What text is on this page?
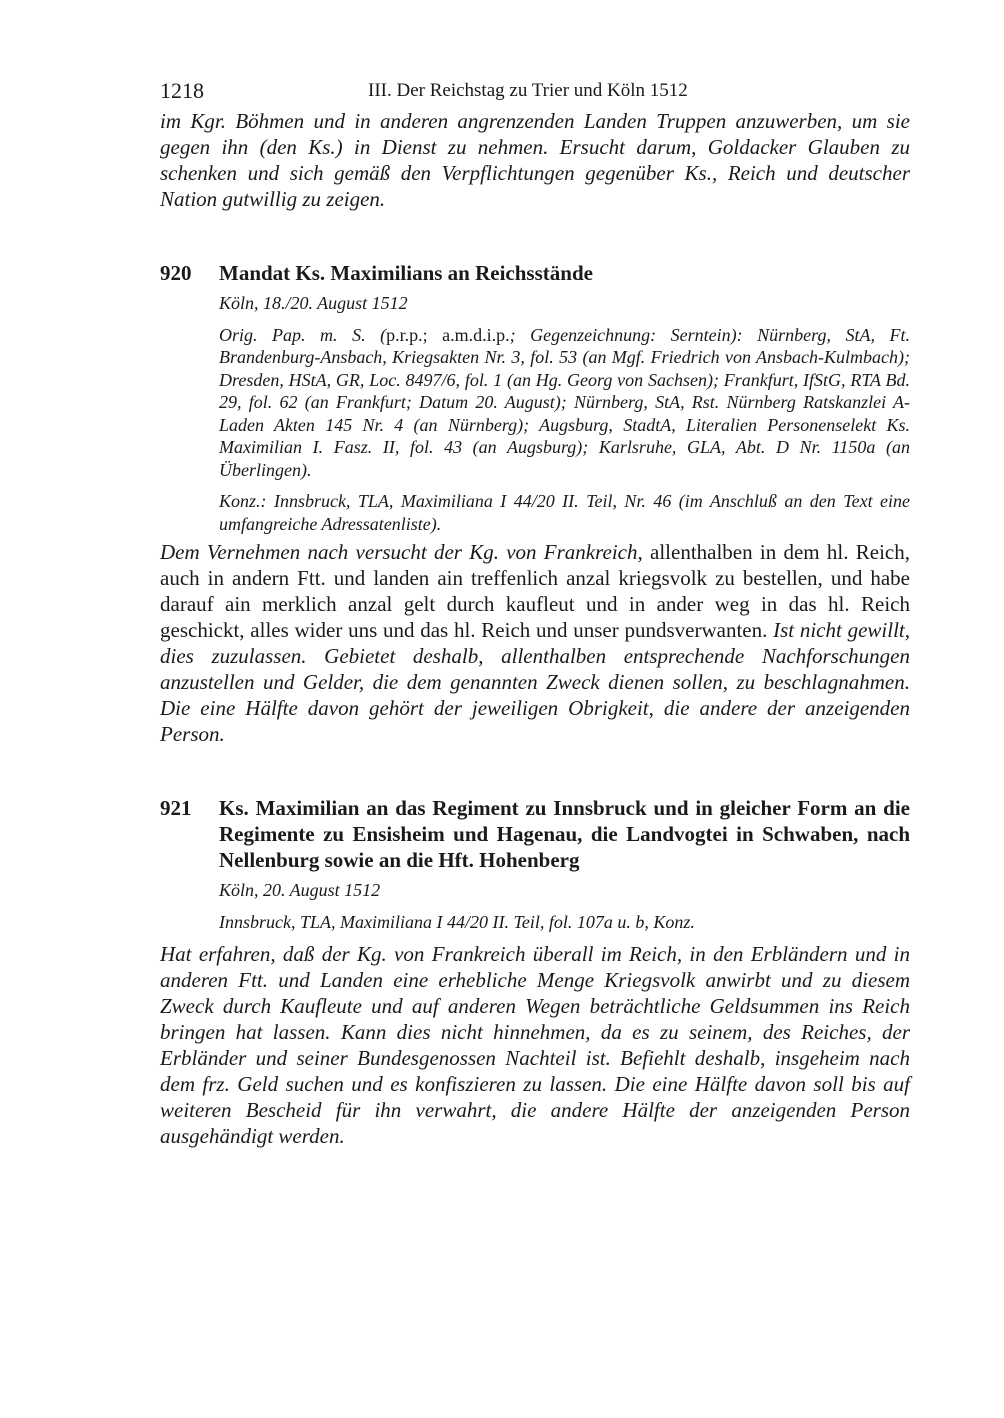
1218	III. Der Reichstag zu Trier und Köln 1512

im Kgr. Böhmen und in anderen angrenzenden Landen Truppen anzuwerben, um sie gegen ihn (den Ks.) in Dienst zu nehmen. Ersucht darum, Goldacker Glauben zu schenken und sich gemäß den Verpflichtungen gegenüber Ks., Reich und deutscher Nation gutwillig zu zeigen.

920 Mandat Ks. Maximilians an Reichsstände
Köln, 18./20. August 1512
Orig. Pap. m. S. (p.r.p.; a.m.d.i.p.; Gegenzeichnung: Serntein): Nürnberg, StA, Ft. Brandenburg-Ansbach, Kriegsakten Nr. 3, fol. 53 (an Mgf. Friedrich von Ansbach-Kulmbach); Dresden, HStA, GR, Loc. 8497/6, fol. 1 (an Hg. Georg von Sachsen); Frankfurt, IfStG, RTA Bd. 29, fol. 62 (an Frankfurt; Datum 20. August); Nürnberg, StA, Rst. Nürnberg Ratskanzlei A-Laden Akten 145 Nr. 4 (an Nürnberg); Augsburg, StadtA, Literalien Personenselekt Ks. Maximilian I. Fasz. II, fol. 43 (an Augsburg); Karlsruhe, GLA, Abt. D Nr. 1150a (an Überlingen).
Konz.: Innsbruck, TLA, Maximiliana I 44/20 II. Teil, Nr. 46 (im Anschluß an den Text eine umfangreiche Adressatenliste).

Dem Vernehmen nach versucht der Kg. von Frankreich, allenthalben in dem hl. Reich, auch in andern Ftt. und landen ain treffenlich anzal kriegsvolk zu bestellen, und habe darauf ain merklich anzal gelt durch kaufleut und in ander weg in das hl. Reich geschickt, alles wider uns und das hl. Reich und unser pundsverwanten. Ist nicht gewillt, dies zuzulassen. Gebietet deshalb, allenthalben entsprechende Nachforschungen anzustellen und Gelder, die dem genannten Zweck dienen sollen, zu beschlagnahmen. Die eine Hälfte davon gehört der jeweiligen Obrigkeit, die andere der anzeigenden Person.

921 Ks. Maximilian an das Regiment zu Innsbruck und in gleicher Form an die Regimente zu Ensisheim und Hagenau, die Landvogtei in Schwaben, nach Nellenburg sowie an die Hft. Hohenberg
Köln, 20. August 1512
Innsbruck, TLA, Maximiliana I 44/20 II. Teil, fol. 107a u. b, Konz.

Hat erfahren, daß der Kg. von Frankreich überall im Reich, in den Erbländern und in anderen Ftt. und Landen eine erhebliche Menge Kriegsvolk anwirbt und zu diesem Zweck durch Kaufleute und auf anderen Wegen beträchtliche Geldsummen ins Reich bringen hat lassen. Kann dies nicht hinnehmen, da es zu seinem, des Reiches, der Erbländer und seiner Bundesgenossen Nachteil ist. Befiehlt deshalb, insgeheim nach dem frz. Geld suchen und es konfiszieren zu lassen. Die eine Hälfte davon soll bis auf weiteren Bescheid für ihn verwahrt, die andere Hälfte der anzeigenden Person ausgehändigt werden.
